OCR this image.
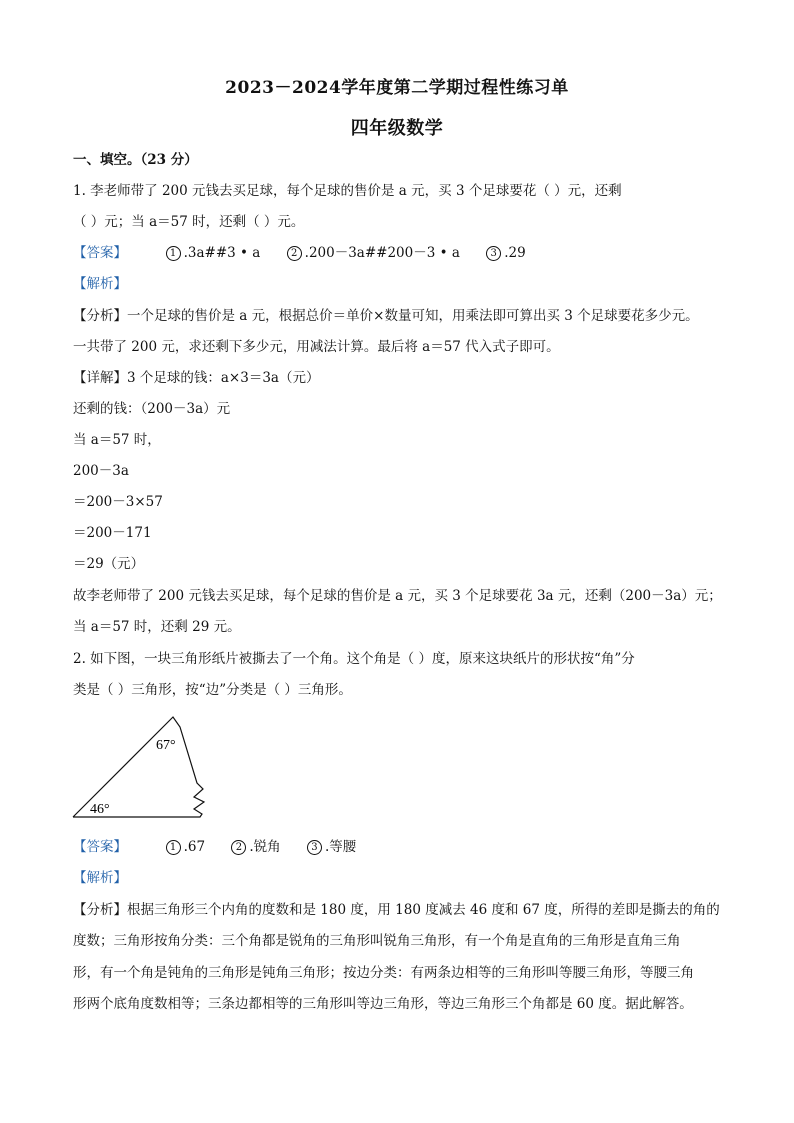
2023－2024学年度第二学期过程性练习单
四年级数学
一、填空。（23 分）
1. 李老师带了 200 元钱去买足球，每个足球的售价是 a 元，买 3 个足球要花（ ）元，还剩
（ ）元；当 a＝57 时，还剩（ ）元。
【答案】	1 .3a##3 • a	2 .200－3a##200－3 • a	3 .29
【解析】
【分析】一个足球的售价是 a 元，根据总价＝单价×数量可知，用乘法即可算出买 3 个足球要花多少元。
一共带了 200 元，求还剩下多少元，用减法计算。最后将 a＝57 代入式子即可。
【详解】3 个足球的钱：a×3＝3a（元）
还剩的钱：（200－3a）元
当 a＝57 时，
200－3a
＝200－3×57
＝200－171
＝29（元）
故李老师带了 200 元钱去买足球，每个足球的售价是 a 元，买 3 个足球要花 3a 元，还剩（200－3a）元；
当 a＝57 时，还剩 29 元。
2. 如下图，一块三角形纸片被撕去了一个角。这个角是（ ）度，原来这块纸片的形状按“角”分
类是（ ）三角形，按“边”分类是（ ）三角形。
67°
46°
【答案】	1 .67	2 .锐角	3 .等腰
【解析】
【分析】根据三角形三个内角的度数和是 180 度，用 180 度减去 46 度和 67 度，所得的差即是撕去的角的
度数；三角形按角分类：三个角都是锐角的三角形叫锐角三角形，有一个角是直角的三角形是直角三角
形，有一个角是钝角的三角形是钝角三角形；按边分类：有两条边相等的三角形叫等腰三角形，等腰三角
形两个底角度数相等；三条边都相等的三角形叫等边三角形，等边三角形三个角都是 60 度。据此解答。
